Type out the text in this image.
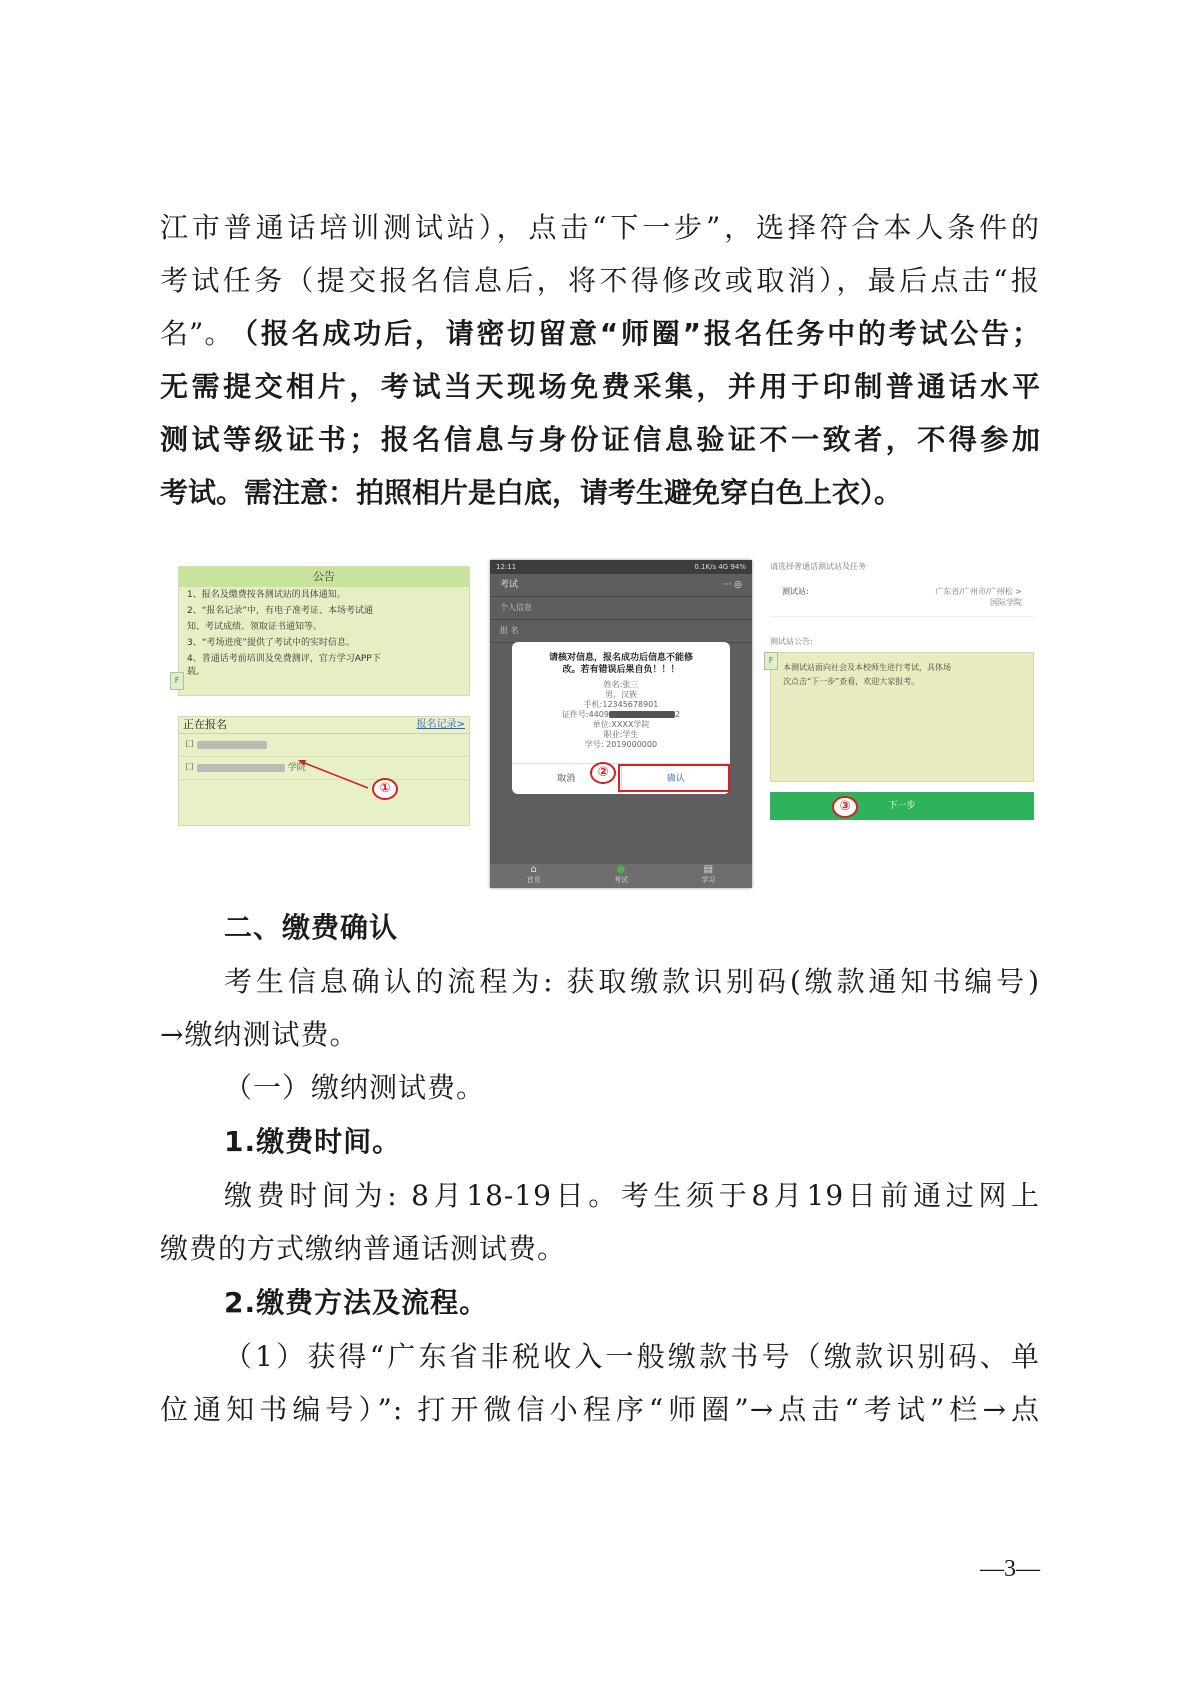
江市普通话培训测试站），点击“下一步”，选择符合本人条件的
考试任务（提交报名信息后，将不得修改或取消），最后点击“报
名”。
（报名成功后，请密切留意“师圈”报名任务中的考试公告；
无需提交相片，考试当天现场免费采集，并用于印制普通话水平
测试等级证书；报名信息与身份证信息验证不一致者，不得参加
考试。需注意：拍照相片是白底，请考生避免穿白色上衣）。
公告
1、报名及缴费按各测试站的具体通知。
2、“报名记录”中，有电子准考证、本场考试通
知、考试成绩、领取证书通知等。
3、“考场进度”提供了考试中的实时信息。
4、普通话考前培训及免费测评，官方学习APP下
载。
F
正在报名	报名记录>
口
口	学院
①
12:11	0.1K/s 4G 94%
考试	··· ◎
个人信息
报 名
请核对信息，报名成功后信息不能修
改。若有错误后果自负！！！
姓名:张三
男，汉族
手机:12345678901
证件号:4409	2
单位:XXXX学院
职业:学生
学号: 2019000000
取消	确认
②
⌂
首页
●
考试
▤
学习
请选择普通话测试站及任务
测试站:	广东省/广州市/广州松 >
国际学院
测试站公告:
本测试站面向社会及本校师生进行考试，具体场
次点击“下一步”查看，欢迎大家报考。
F
下一步
③
二、缴费确认
考生信息确认的流程为: 获取缴款识别码(缴款通知书编号)
→缴纳测试费。
（一）缴纳测试费。
1.缴费时间。
缴费时间为: 8月18-19日。考生须于8月19日前通过网上
缴费的方式缴纳普通话测试费。
2.缴费方法及流程。
（1）获得“广东省非税收入一般缴款书号（缴款识别码、单
位通知书编号）”: 打开微信小程序“师圈”→点击“考试”栏→点
—3—
